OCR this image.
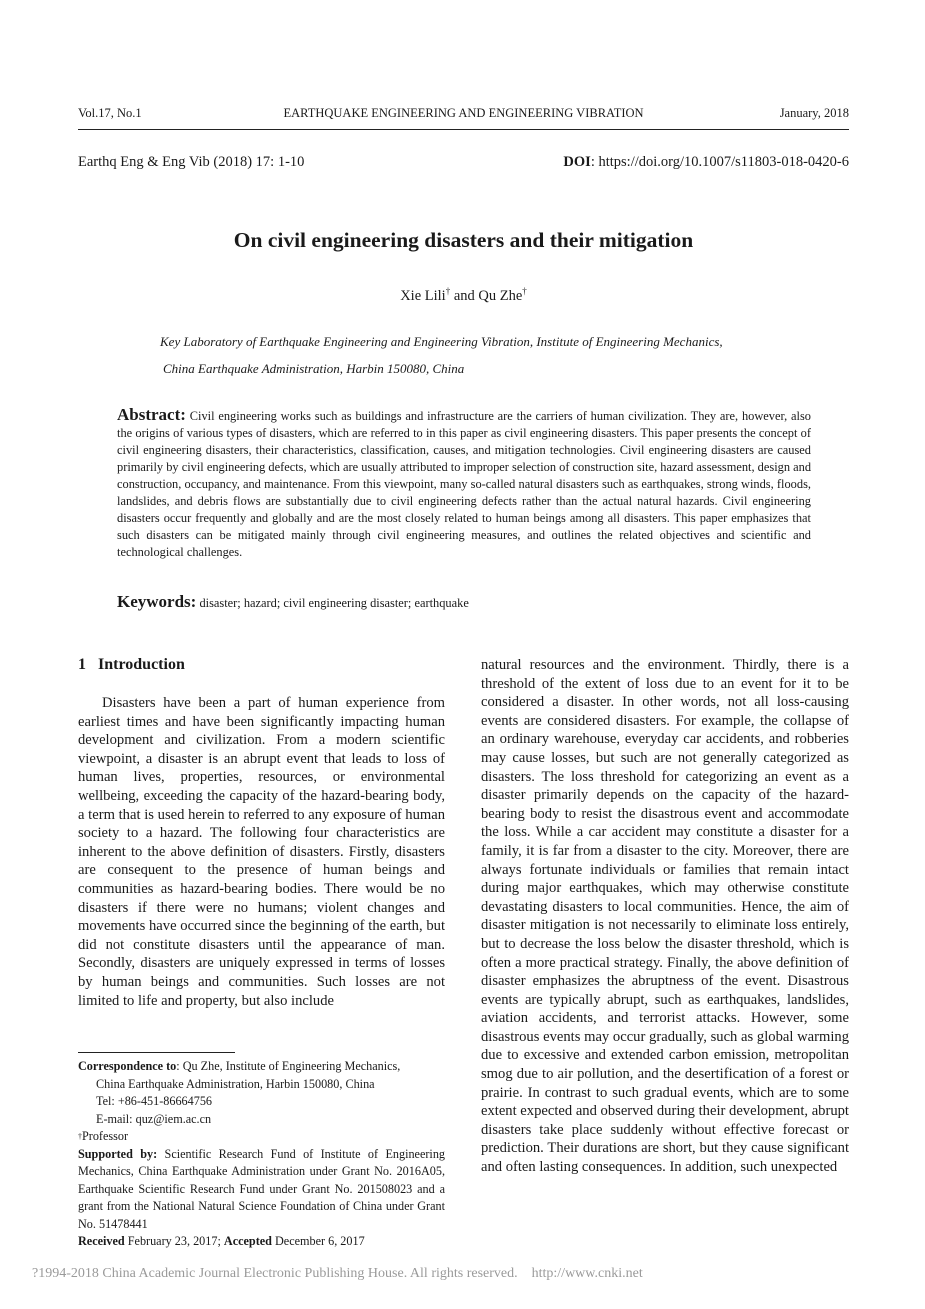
Vol.17, No.1	EARTHQUAKE ENGINEERING AND ENGINEERING VIBRATION	January, 2018
Earthq Eng & Eng Vib (2018) 17: 1-10	DOI: https://doi.org/10.1007/s11803-018-0420-6
On civil engineering disasters and their mitigation
Xie Lili† and Qu Zhe†
Key Laboratory of Earthquake Engineering and Engineering Vibration, Institute of Engineering Mechanics,
China Earthquake Administration, Harbin 150080, China
Abstract: Civil engineering works such as buildings and infrastructure are the carriers of human civilization. They are, however, also the origins of various types of disasters, which are referred to in this paper as civil engineering disasters. This paper presents the concept of civil engineering disasters, their characteristics, classification, causes, and mitigation technologies. Civil engineering disasters are caused primarily by civil engineering defects, which are usually attributed to improper selection of construction site, hazard assessment, design and construction, occupancy, and maintenance. From this viewpoint, many so-called natural disasters such as earthquakes, strong winds, floods, landslides, and debris flows are substantially due to civil engineering defects rather than the actual natural hazards. Civil engineering disasters occur frequently and globally and are the most closely related to human beings among all disasters. This paper emphasizes that such disasters can be mitigated mainly through civil engineering measures, and outlines the related objectives and scientific and technological challenges.
Keywords: disaster; hazard; civil engineering disaster; earthquake
1 Introduction

Disasters have been a part of human experience from earliest times and have been significantly impacting human development and civilization. From a modern scientific viewpoint, a disaster is an abrupt event that leads to loss of human lives, properties, resources, or environmental wellbeing, exceeding the capacity of the hazard-bearing body, a term that is used herein to referred to any exposure of human society to a hazard. The following four characteristics are inherent to the above definition of disasters. Firstly, disasters are consequent to the presence of human beings and communities as hazard-bearing bodies. There would be no disasters if there were no humans; violent changes and movements have occurred since the beginning of the earth, but did not constitute disasters until the appearance of man. Secondly, disasters are uniquely expressed in terms of losses by human beings and communities. Such losses are not limited to life and property, but also include

natural resources and the environment. Thirdly, there is a threshold of the extent of loss due to an event for it to be considered a disaster. In other words, not all loss-causing events are considered disasters. For example, the collapse of an ordinary warehouse, everyday car accidents, and robberies may cause losses, but such are not generally categorized as disasters. The loss threshold for categorizing an event as a disaster primarily depends on the capacity of the hazard-bearing body to resist the disastrous event and accommodate the loss. While a car accident may constitute a disaster for a family, it is far from a disaster to the city. Moreover, there are always fortunate individuals or families that remain intact during major earthquakes, which may otherwise constitute devastating disasters to local communities. Hence, the aim of disaster mitigation is not necessarily to eliminate loss entirely, but to decrease the loss below the disaster threshold, which is often a more practical strategy. Finally, the above definition of disaster emphasizes the abruptness of the event. Disastrous events are typically abrupt, such as earthquakes, landslides, aviation accidents, and terrorist attacks. However, some disastrous events may occur gradually, such as global warming due to excessive and extended carbon emission, metropolitan smog due to air pollution, and the desertification of a forest or prairie. In contrast to such gradual events, which are to some extent expected and observed during their development, abrupt disasters take place suddenly without effective forecast or prediction. Their durations are short, but they cause significant and often lasting consequences. In addition, such unexpected

Correspondence to: Qu Zhe, Institute of Engineering Mechanics,
China Earthquake Administration, Harbin 150080, China
Tel: +86-451-86664756
E-mail: quz@iem.ac.cn
†Professor
Supported by: Scientific Research Fund of Institute of Engineering Mechanics, China Earthquake Administration under Grant No. 2016A05, Earthquake Scientific Research Fund under Grant No. 201508023 and a grant from the National Natural Science Foundation of China under Grant No. 51478441
Received February 23, 2017; Accepted December 6, 2017
?1994-2018 China Academic Journal Electronic Publishing House. All rights reserved. http://www.cnki.net
